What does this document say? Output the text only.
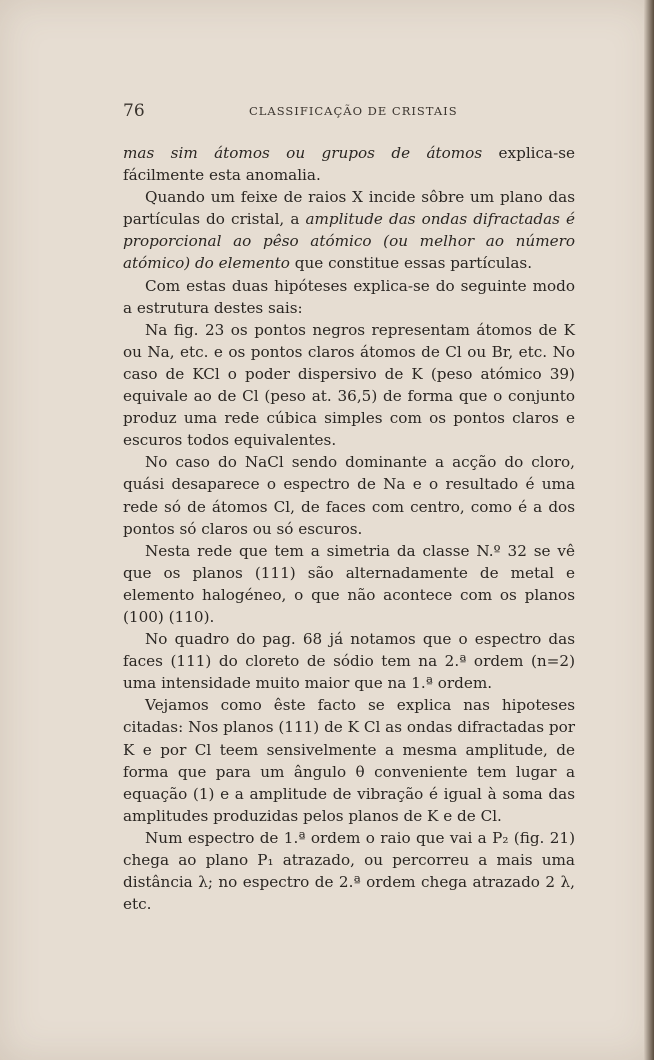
76	CLASSIFICAÇÃO DE CRISTAIS

mas sim átomos ou grupos de átomos explica-se fácilmente esta anomalia.

Quando um feixe de raios X incide sôbre um plano das partículas do cristal, a amplitude das ondas difractadas é proporcional ao pêso atómico (ou melhor ao número atómico) do elemento que constitue essas partículas.

Com estas duas hipóteses explica-se do seguinte modo a estrutura destes sais:

Na fig. 23 os pontos negros representam átomos de K ou Na, etc. e os pontos claros átomos de Cl ou Br, etc. No caso de KCl o poder dispersivo de K (peso atómico 39) equivale ao de Cl (peso at. 36,5) de forma que o conjunto produz uma rede cúbica simples com os pontos claros e escuros todos equivalentes.

No caso do NaCl sendo dominante a acção do cloro, quási desaparece o espectro de Na e o resultado é uma rede só de átomos Cl, de faces com centro, como é a dos pontos só claros ou só escuros.

Nesta rede que tem a simetria da classe N.º 32 se vê que os planos (111) são alternadamente de metal e elemento halogéneo, o que não acontece com os planos (100) (110).

No quadro do pag. 68 já notamos que o espectro das faces (111) do cloreto de sódio tem na 2.ª ordem (n=2) uma intensidade muito maior que na 1.ª ordem.

Vejamos como êste facto se explica nas hipoteses citadas: Nos planos (111) de K Cl as ondas difractadas por K e por Cl teem sensivelmente a mesma amplitude, de forma que para um ângulo θ conveniente tem lugar a equação (1) e a amplitude de vibração é igual à soma das amplitudes produzidas pelos planos de K e de Cl.

Num espectro de 1.ª ordem o raio que vai a P₂ (fig. 21) chega ao plano P₁ atrazado, ou percorreu a mais uma distância λ; no espectro de 2.ª ordem chega atrazado 2 λ, etc.
